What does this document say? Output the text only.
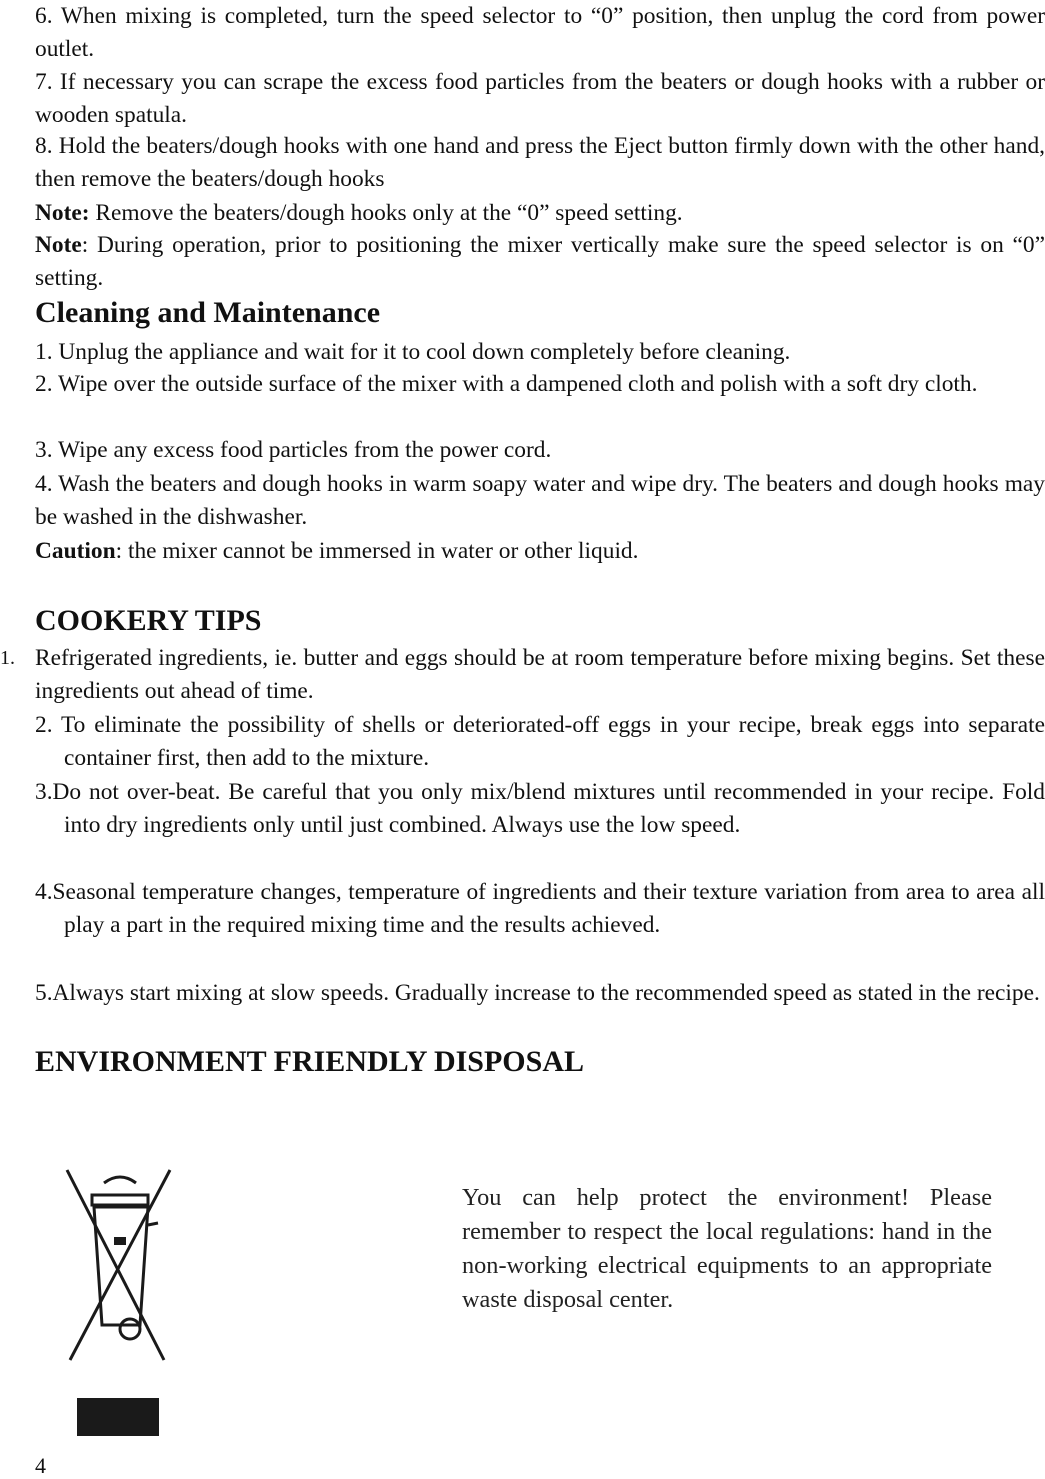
6. When mixing is completed, turn the speed selector to “0” position, then unplug the cord from power outlet.

7. If necessary you can scrape the excess food particles from the beaters or dough hooks with a rubber or wooden spatula.

8. Hold the beaters/dough hooks with one hand and press the Eject button firmly down with the other hand, then remove the beaters/dough hooks

Note: Remove the beaters/dough hooks only at the “0” speed setting.

Note: During operation, prior to positioning the mixer vertically make sure the speed selector is on “0” setting.

Cleaning and Maintenance

1. Unplug the appliance and wait for it to cool down completely before cleaning.

2. Wipe over the outside surface of the mixer with a dampened cloth and polish with a soft dry cloth.

3. Wipe any excess food particles from the power cord.

4. Wash the beaters and dough hooks in warm soapy water and wipe dry. The beaters and dough hooks may be washed in the dishwasher.

Caution: the mixer cannot be immersed in water or other liquid.

COOKERY TIPS

1. Refrigerated ingredients, ie. butter and eggs should be at room temperature before mixing begins. Set these ingredients out ahead of time.

2. To eliminate the possibility of shells or deteriorated-off eggs in your recipe, break eggs into separate container first, then add to the mixture.

3.Do not over-beat. Be careful that you only mix/blend mixtures until recommended in your recipe. Fold into dry ingredients only until just combined. Always use the low speed.

4.Seasonal temperature changes, temperature of ingredients and their texture variation from area to area all play a part in the required mixing time and the results achieved.

5.Always start mixing at slow speeds. Gradually increase to the recommended speed as stated in the recipe.

ENVIRONMENT FRIENDLY DISPOSAL

You can help protect the environment! Please remember to respect the local regulations: hand in the non-working electrical equipments to an appropriate waste disposal center.

4
